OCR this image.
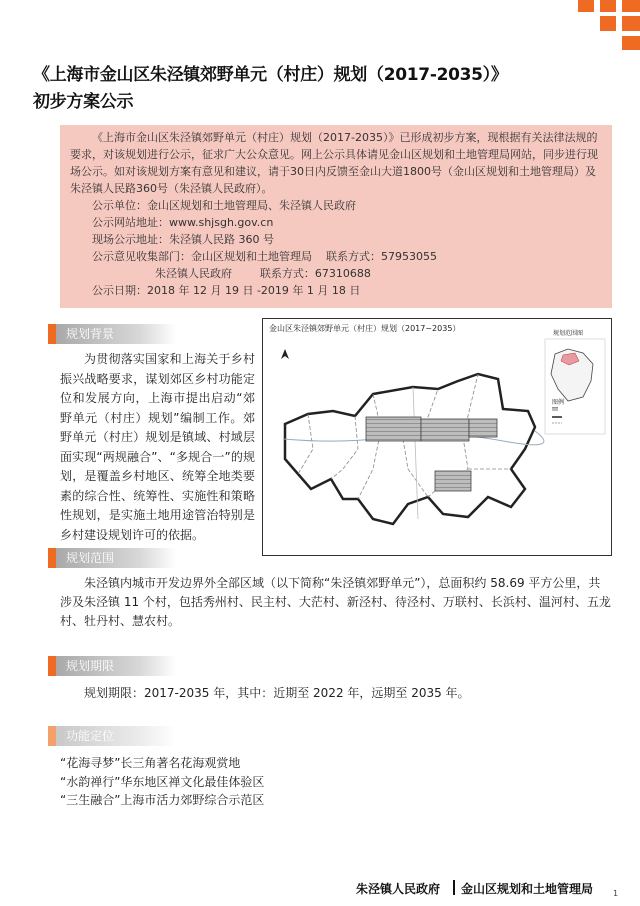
《上海市金山区朱泾镇郊野单元（村庄）规划（2017-2035）》
初步方案公示

《上海市金山区朱泾镇郊野单元（村庄）规划（2017-2035）》已形成初步方案，现根据有关法律法规的要求，对该规划进行公示，征求广大公众意见。网上公示具体请见金山区规划和土地管理局网站，同步进行现场公示。如对该规划方案有意见和建议，请于30日内反馈至金山大道1800号（金山区规划和土地管理局）及朱泾镇人民路360号（朱泾镇人民政府）。

公示单位：金山区规划和土地管理局、朱泾镇人民政府

公示网站地址：www.shjsgh.gov.cn

现场公示地址：朱泾镇人民路 360 号

公示意见收集部门：金山区规划和土地管理局    联系方式：57953055

朱泾镇人民政府        联系方式：67310688

公示日期：2018 年 12 月 19 日 -2019 年 1 月 18 日

规划背景

为贯彻落实国家和上海关于乡村振兴战略要求，谋划郊区乡村功能定位和发展方向，上海市提出启动“郊野单元（村庄）规划”编制工作。郊野单元（村庄）规划是镇域、村域层面实现“两规融合”、“多规合一”的规划，是覆盖乡村地区、统筹全地类要素的综合性、统筹性、实施性和策略性规划，是实施土地用途管治特别是乡村建设规划许可的依据。

金山区朱泾镇郊野单元（村庄）规划（2017~2035）
规划范围图
图例
规划范围

朱泾镇内城市开发边界外全部区域（以下简称“朱泾镇郊野单元”），总面积约 58.69 平方公里，共涉及朱泾镇 11 个村，包括秀州村、民主村、大茫村、新泾村、待泾村、万联村、长浜村、温河村、五龙村、牡丹村、慧农村。

规划期限

规划期限：2017-2035 年，其中：近期至 2022 年，远期至 2035 年。

功能定位
“花海寻梦”长三角著名花海观赏地
“水韵禅行”华东地区禅文化最佳体验区
“三生融合”上海市活力郊野综合示范区
朱泾镇人民政府 金山区规划和土地管理局 1
